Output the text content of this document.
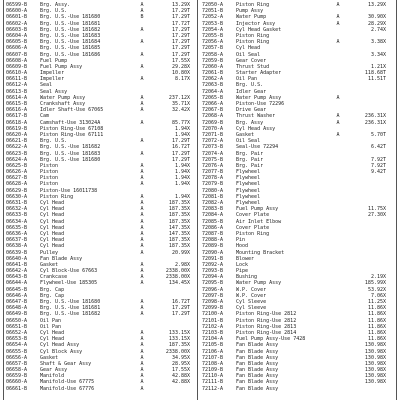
06599-B	Brg. Assy.	A	13.29X
06600-A	Brg. U.S.	A	17.29T
06601-B	Brg. U.S.-Use 181680	B	17.29T
06602-A	Brg. U.S.-Use 181681	17.72T
06603-B	Brg. U.S.-Use 181682	A	17.29T
06604-A	Brg. U.S.-Use 181683	17.29T
06605-B	Brg. U.S.-Use 181684	A	17.29T
06606-A	Brg. U.S.-Use 181685	17.29T
06607-B	Brg. U.S.-Use 181686	A	17.29T
06608-A	Fuel Pump	17.55X
06609-B	Fuel Pump Assy	A	29.28X
06610-A	Impeller	10.80X
06611-B	Impeller	A	8.17X
06612-A	Seal
06613-B	Seal Assy
06614-A	Water Pump Assy	A	237.12X
06615-B	Crankshaft Assy	A	35.71X
06616-A	Idler Shaft-Use 67065	A	32.42X
06617-B	Cam
06618-A	Camshaft-Use 313024A	A	85.77X
06619-B	Piston Ring-Use 67108	1.94X
06620-A	Piston Ring-Use 67111	1.94X
06621-B	Brg. U.S.	A	17.29T
06622-A	Brg. U.S.-Use 181682	16.72T
06623-B	Brg. U.S.-Use 181683	A	17.29T
06624-A	Brg. U.S.-Use 181680	17.29T
06625-B	Piston	A	1.94X
06626-A	Piston	A	1.94X
06627-B	Piston	A	1.94X
06628-A	Piston	A	1.94X
06629-B	Piston-Use 16011738
06630-A	Piston Ring	A	1.94X
06631-B	Cyl Head	A	187.35X
06632-A	Cyl Head	A	187.35X
06633-B	Cyl Head	A	187.35X
06634-A	Cyl Head	A	187.35X
06635-B	Cyl Head	A	147.35X
06636-A	Cyl Head	A	147.35X
06637-B	Cyl Head	A	187.35X
06638-A	Cyl Head	A	187.35X
06639-B	Pulley	A	20.99X
06640-A	Fan Blade Assy
06641-B	Gasket	A	2.98X
06642-A	Cyl Block-Use 67663	A	2338.00X
06643-B	Crankcase	A	2338.00X
06644-A	Flywheel-Use 185305	A	134.45X
06645-B	Brg. Cap
06646-A	Brg. Cap
06647-B	Brg. U.S.-Use 181680	A	16.72T
06648-A	Brg. U.S.-Use 181681	A	17.29T
06649-B	Brg. U.S.-Use 181682	A	17.29T
06650-A	Oil Pan
06651-B	Oil Pan
06652-A	Cyl Head	A	133.15X
06653-B	Cyl Head	A	133.15X
06654-A	Cyl Head Assy	A	187.35X
06655-B	Cyl Block Assy	A	2338.00X
06656-A	Gasket	A	34.95X
06657-B	Shaft & Gear Assy	A	28.95X
06658-A	Gear Assy	A	17.55X
06659-B	Manifold	A	42.88X
06660-A	Manifold-Use 67775	A	42.88X
06661-B	Manifold-Use 67776	A
72050-A	Piston Ring	A	13.29X
72051-B	Pump Assy
72052-A	Water Pump	A	30.90X
72053-B	Injector Assy	A	28.29X
72054-A	Cyl Head Gasket	2.74X
72055-B	Piston Ring
72056-A	Piston Ring	A	3.38X
72057-B	Cyl Head
72058-A	Oil Seal	3.34X
72059-B	Gear Cover
72060-A	Thrust Stud	1.21X
72061-B	Starter Adapter	118.68T
72062-A	Oil Pan	11.51T
72063-B	Brg. U.S.
72064-A	Idler Gear
72065-B	Water Pump Assy	A
72066-A	Piston-Use 72296
72067-B	Drive Gear
72068-A	Thrust Washer	A	236.31X
72069-B	Brg. Assy	A	236.31X
72070-A	Cyl Head Assy
72071-B	Gasket	A	5.70T
72072-A	Oil Seal
72073-B	Seal-Use 72294	6.42T
72074-A	Brg. Pair
72075-B	Brg. Pair	7.92T
72076-A	Brg. Pair	7.92T
72077-B	Flywheel	9.42T
72078-A	Flywheel
72079-B	Flywheel
72080-A	Flywheel
72081-B	Flywheel
72082-A	Flywheel
72083-B	Fuel Pump Assy	11.75X
72084-A	Cover Plate	27.30X
72085-B	Air Inlet Elbow
72086-A	Cover Plate
72087-B	Piston Ring
72088-A	Pin
72089-B	Hood
72090-A	Mounting Bracket
72091-B	Blower
72092-A	Lock
72093-B	Pipe
72094-A	Bushing	2.19X
72095-B	Water Pump Assy	185.99X
72096-A	W.P. Cover	53.92X
72097-B	W.P. Cover	7.06X
72098-A	Cyl Sleeve	11.25X
72099-B	Cyl Sleeve	11.86X
72100-A	Piston Ring-Use 2812	11.86X
72101-B	Piston Ring-Use 2812	11.86X
72102-A	Piston Ring-Use 2813	11.86X
72103-B	Piston Ring-Use 2814	11.86X
72104-A	Fuel Pump Assy-Use 7428	11.86X
72105-B	Fan Blade Assy	130.98X
72106-A	Fan Blade Assy	130.98X
72107-B	Fan Blade Assy	130.98X
72108-A	Fan Blade Assy	130.98X
72109-B	Fan Blade Assy	130.98X
72110-A	Fan Blade Assy	130.98X
72111-B	Fan Blade Assy	130.98X
72112-A	Fan Blade Assy
